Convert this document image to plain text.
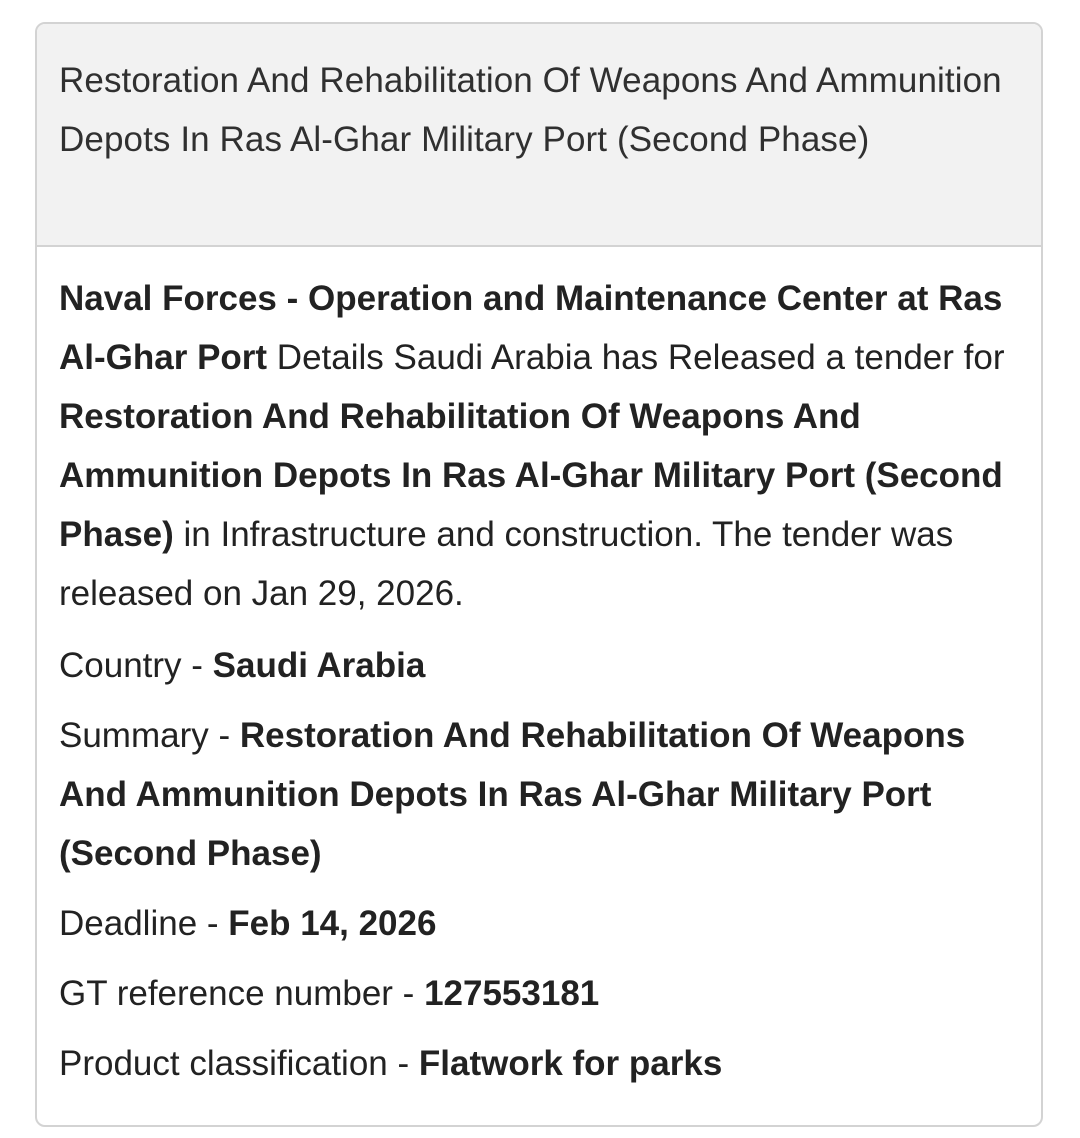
Restoration And Rehabilitation Of Weapons And Ammunition Depots In Ras Al-Ghar Military Port (Second Phase)

Naval Forces - Operation and Maintenance Center at Ras Al-Ghar Port Details Saudi Arabia has Released a tender for Restoration And Rehabilitation Of Weapons And Ammunition Depots In Ras Al-Ghar Military Port (Second Phase) in Infrastructure and construction. The tender was released on Jan 29, 2026.

Country - Saudi Arabia

Summary - Restoration And Rehabilitation Of Weapons And Ammunition Depots In Ras Al-Ghar Military Port (Second Phase)

Deadline - Feb 14, 2026

GT reference number - 127553181

Product classification - Flatwork for parks
